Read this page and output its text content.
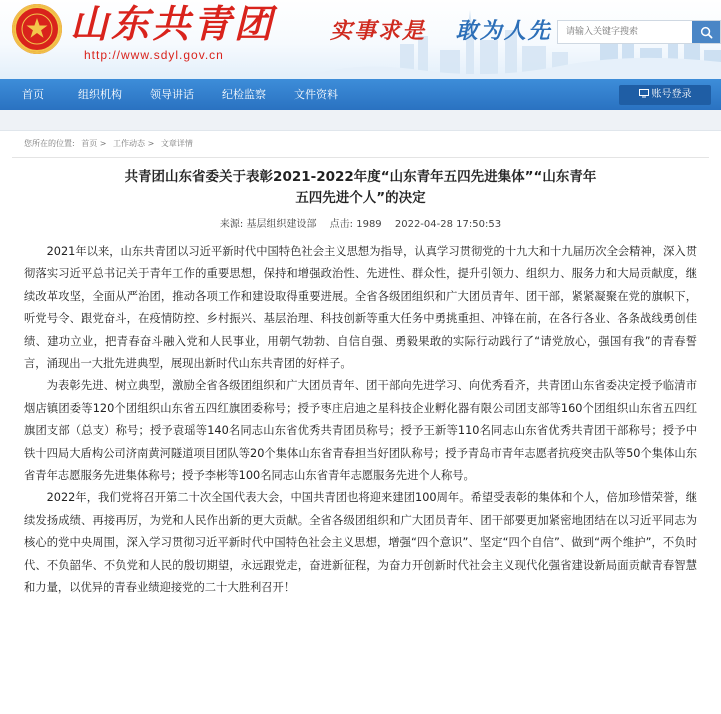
山东共青团
http://www.sdyl.gov.cn
实事求是 敢为人先
请输入关键字搜索
首页	组织机构	领导讲话	纪检监察	文件资料	账号登录
您所在的位置: 首页 > 工作动态 > 文章详情
共青团山东省委关于表彰2021-2022年度“山东青年五四先进集体”“山东青年
五四先进个人”的决定
来源: 基层组织建设部 点击: 1989 2022-04-28 17:50:53

2021年以来，山东共青团以习近平新时代中国特色社会主义思想为指导，认真学习贯彻党的十九大和十九届历次全会精神，深入贯彻落实习近平总书记关于青年工作的重要思想，保持和增强政治性、先进性、群众性，提升引领力、组织力、服务力和大局贡献度，继续改革攻坚，全面从严治团，推动各项工作和建设取得重要进展。全省各级团组织和广大团员青年、团干部，紧紧凝聚在党的旗帜下，听党号令、跟党奋斗，在疫情防控、乡村振兴、基层治理、科技创新等重大任务中勇挑重担、冲锋在前，在各行各业、各条战线勇创佳绩、建功立业，把青春奋斗融入党和人民事业，用朝气勃勃、自信自强、勇毅果敢的实际行动践行了“请党放心，强国有我”的青春誓言，涌现出一大批先进典型，展现出新时代山东共青团的好样子。

为表彰先进、树立典型，激励全省各级团组织和广大团员青年、团干部向先进学习、向优秀看齐，共青团山东省委决定授予临清市烟店镇团委等120个团组织山东省五四红旗团委称号；授予枣庄启迪之星科技企业孵化器有限公司团支部等160个团组织山东省五四红旗团支部（总支）称号；授予袁瑶等140名同志山东省优秀共青团员称号；授予王新等110名同志山东省优秀共青团干部称号；授予中铁十四局大盾构公司济南黄河隧道项目团队等20个集体山东省青春担当好团队称号；授予青岛市青年志愿者抗疫突击队等50个集体山东省青年志愿服务先进集体称号；授予李彬等100名同志山东省青年志愿服务先进个人称号。

2022年，我们党将召开第二十次全国代表大会，中国共青团也将迎来建团100周年。希望受表彰的集体和个人，倍加珍惜荣誉，继续发扬成绩、再接再厉，为党和人民作出新的更大贡献。全省各级团组织和广大团员青年、团干部要更加紧密地团结在以习近平同志为核心的党中央周围，深入学习贯彻习近平新时代中国特色社会主义思想，增强“四个意识”、坚定“四个自信”、做到“两个维护”，不负时代、不负韶华、不负党和人民的殷切期望，永远跟党走，奋进新征程，为奋力开创新时代社会主义现代化强省建设新局面贡献青春智慧和力量，以优异的青春业绩迎接党的二十大胜利召开！
